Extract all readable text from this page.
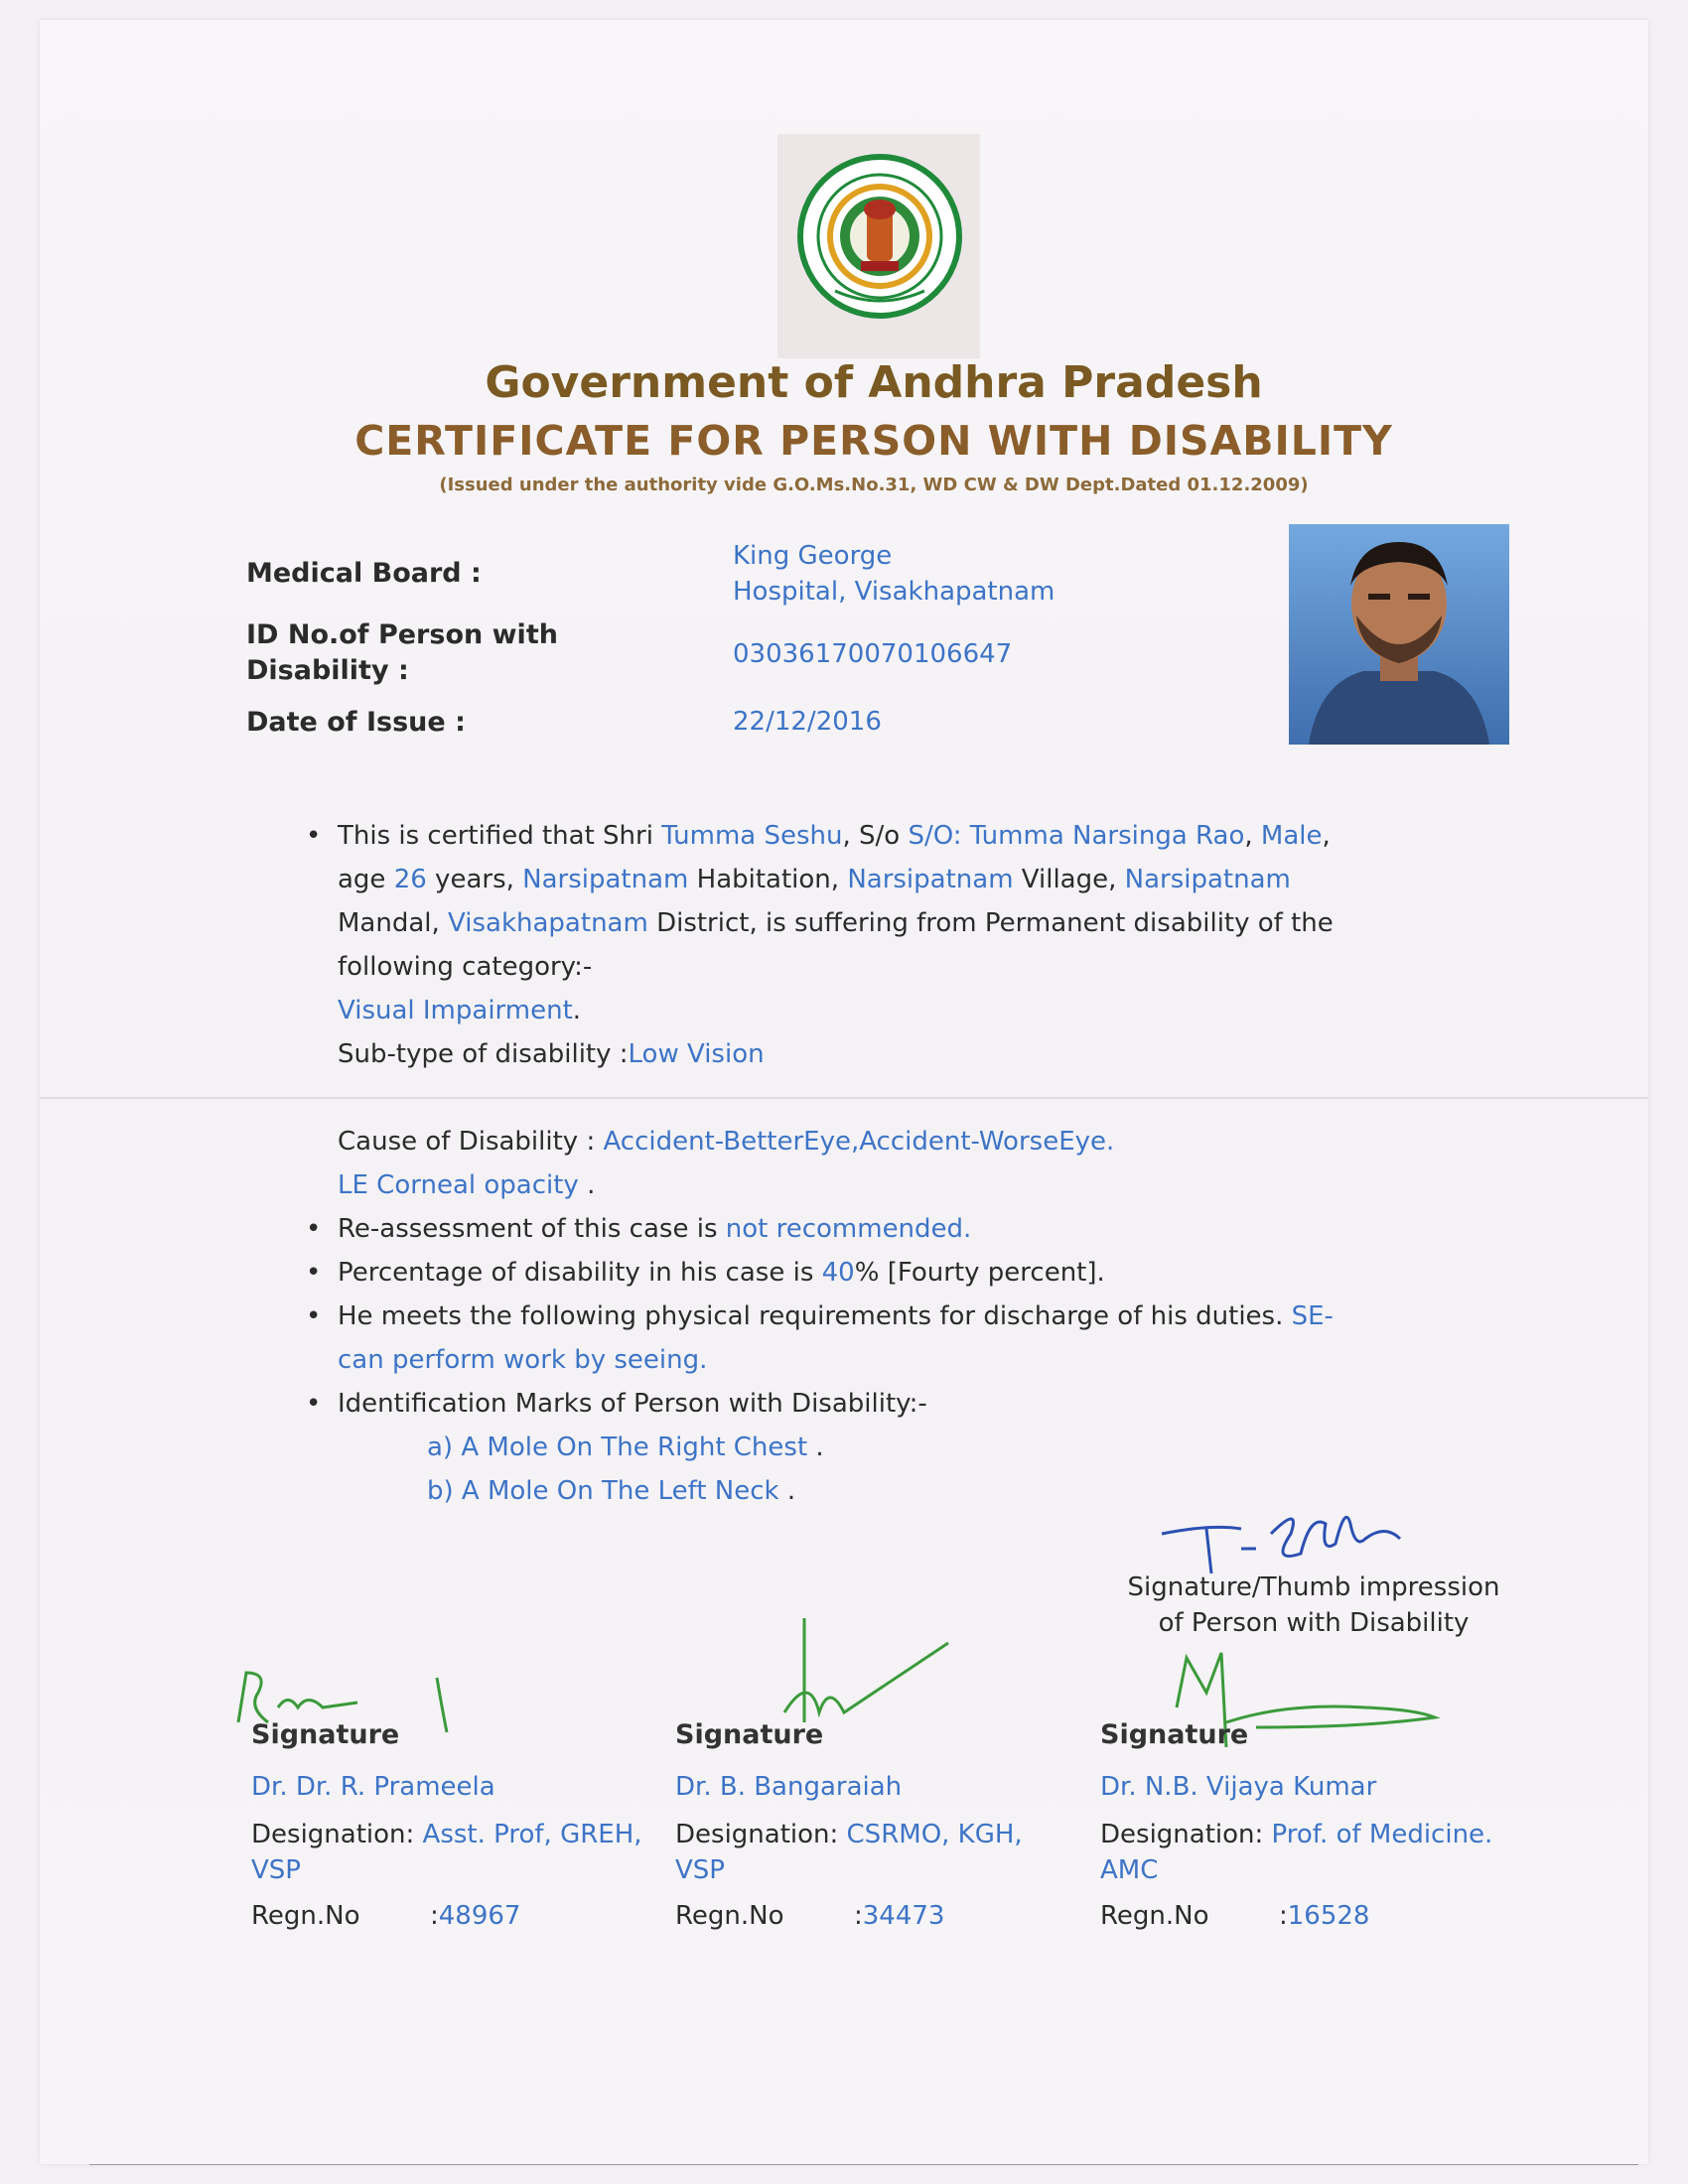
Government of Andhra Pradesh
CERTIFICATE FOR PERSON WITH DISABILITY
(Issued under the authority vide G.O.Ms.No.31, WD CW & DW Dept.Dated 01.12.2009)
Medical Board :
King George
Hospital, Visakhapatnam
ID No.of Person with
Disability :
03036170070106647
Date of Issue :	22/12/2016

• This is certified that Shri Tumma Seshu, S/o S/O: Tumma Narsinga Rao, Male,
age 26 years, Narsipatnam Habitation, Narsipatnam Village, Narsipatnam
Mandal, Visakhapatnam District, is suffering from Permanent disability of the
following category:-
Visual Impairment.
Sub-type of disability :Low Vision

Cause of Disability : Accident-BetterEye,Accident-WorseEye.
LE Corneal opacity .

• Re-assessment of this case is not recommended.

• Percentage of disability in his case is 40% [Fourty percent].

• He meets the following physical requirements for discharge of his duties. SE-
can perform work by seeing.

• Identification Marks of Person with Disability:-

a) A Mole On The Right Chest .

b) A Mole On The Left Neck .

Signature/Thumb impression
of Person with Disability
Signature
Dr. Dr. R. Prameela
Designation: Asst. Prof, GREH, VSP
Regn.No	: 48967
Signature
Dr. B. Bangaraiah
Designation: CSRMO, KGH, VSP
Regn.No	: 34473
Signature
Dr. N.B. Vijaya Kumar
Designation: Prof. of Medicine. AMC
Regn.No	: 16528
